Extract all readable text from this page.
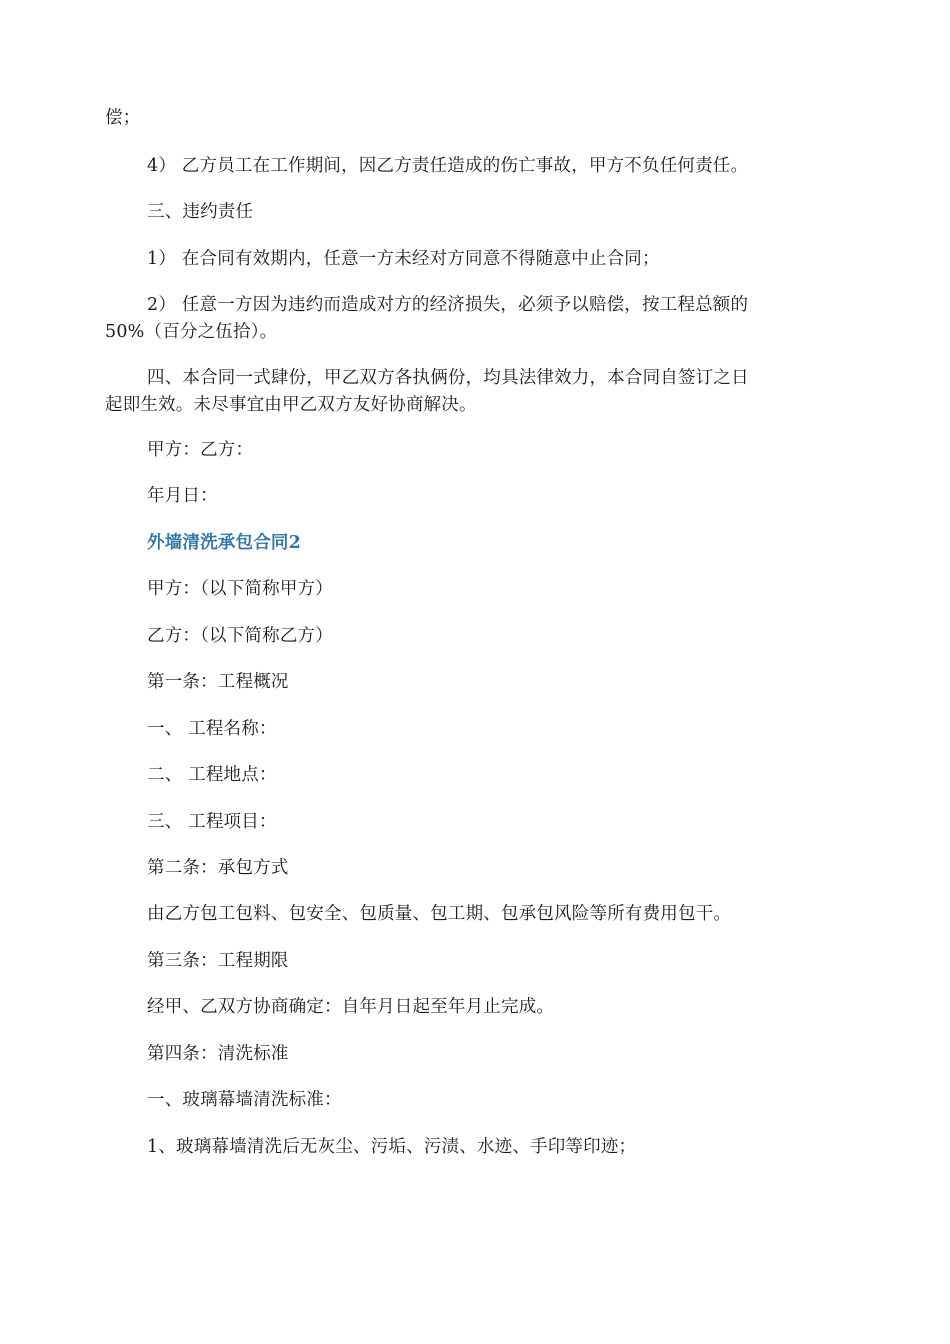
偿；
4） 乙方员工在工作期间，因乙方责任造成的伤亡事故，甲方不负任何责任。
三、违约责任
1） 在合同有效期内，任意一方未经对方同意不得随意中止合同；
2） 任意一方因为违约而造成对方的经济损失，必须予以赔偿，按工程总额的
50%（百分之伍拾）。
四、本合同一式肆份，甲乙双方各执俩份，均具法律效力，本合同自签订之日
起即生效。未尽事宜由甲乙双方友好协商解决。
甲方：乙方：
年月日：
外墙清洗承包合同2
甲方：（以下简称甲方）
乙方：（以下简称乙方）
第一条：工程概况
一、 工程名称：
二、 工程地点：
三、 工程项目：
第二条：承包方式
由乙方包工包料、包安全、包质量、包工期、包承包风险等所有费用包干。
第三条：工程期限
经甲、乙双方协商确定：自年月日起至年月止完成。
第四条：清洗标准
一、玻璃幕墙清洗标准：
1、玻璃幕墙清洗后无灰尘、污垢、污渍、水迹、手印等印迹；
